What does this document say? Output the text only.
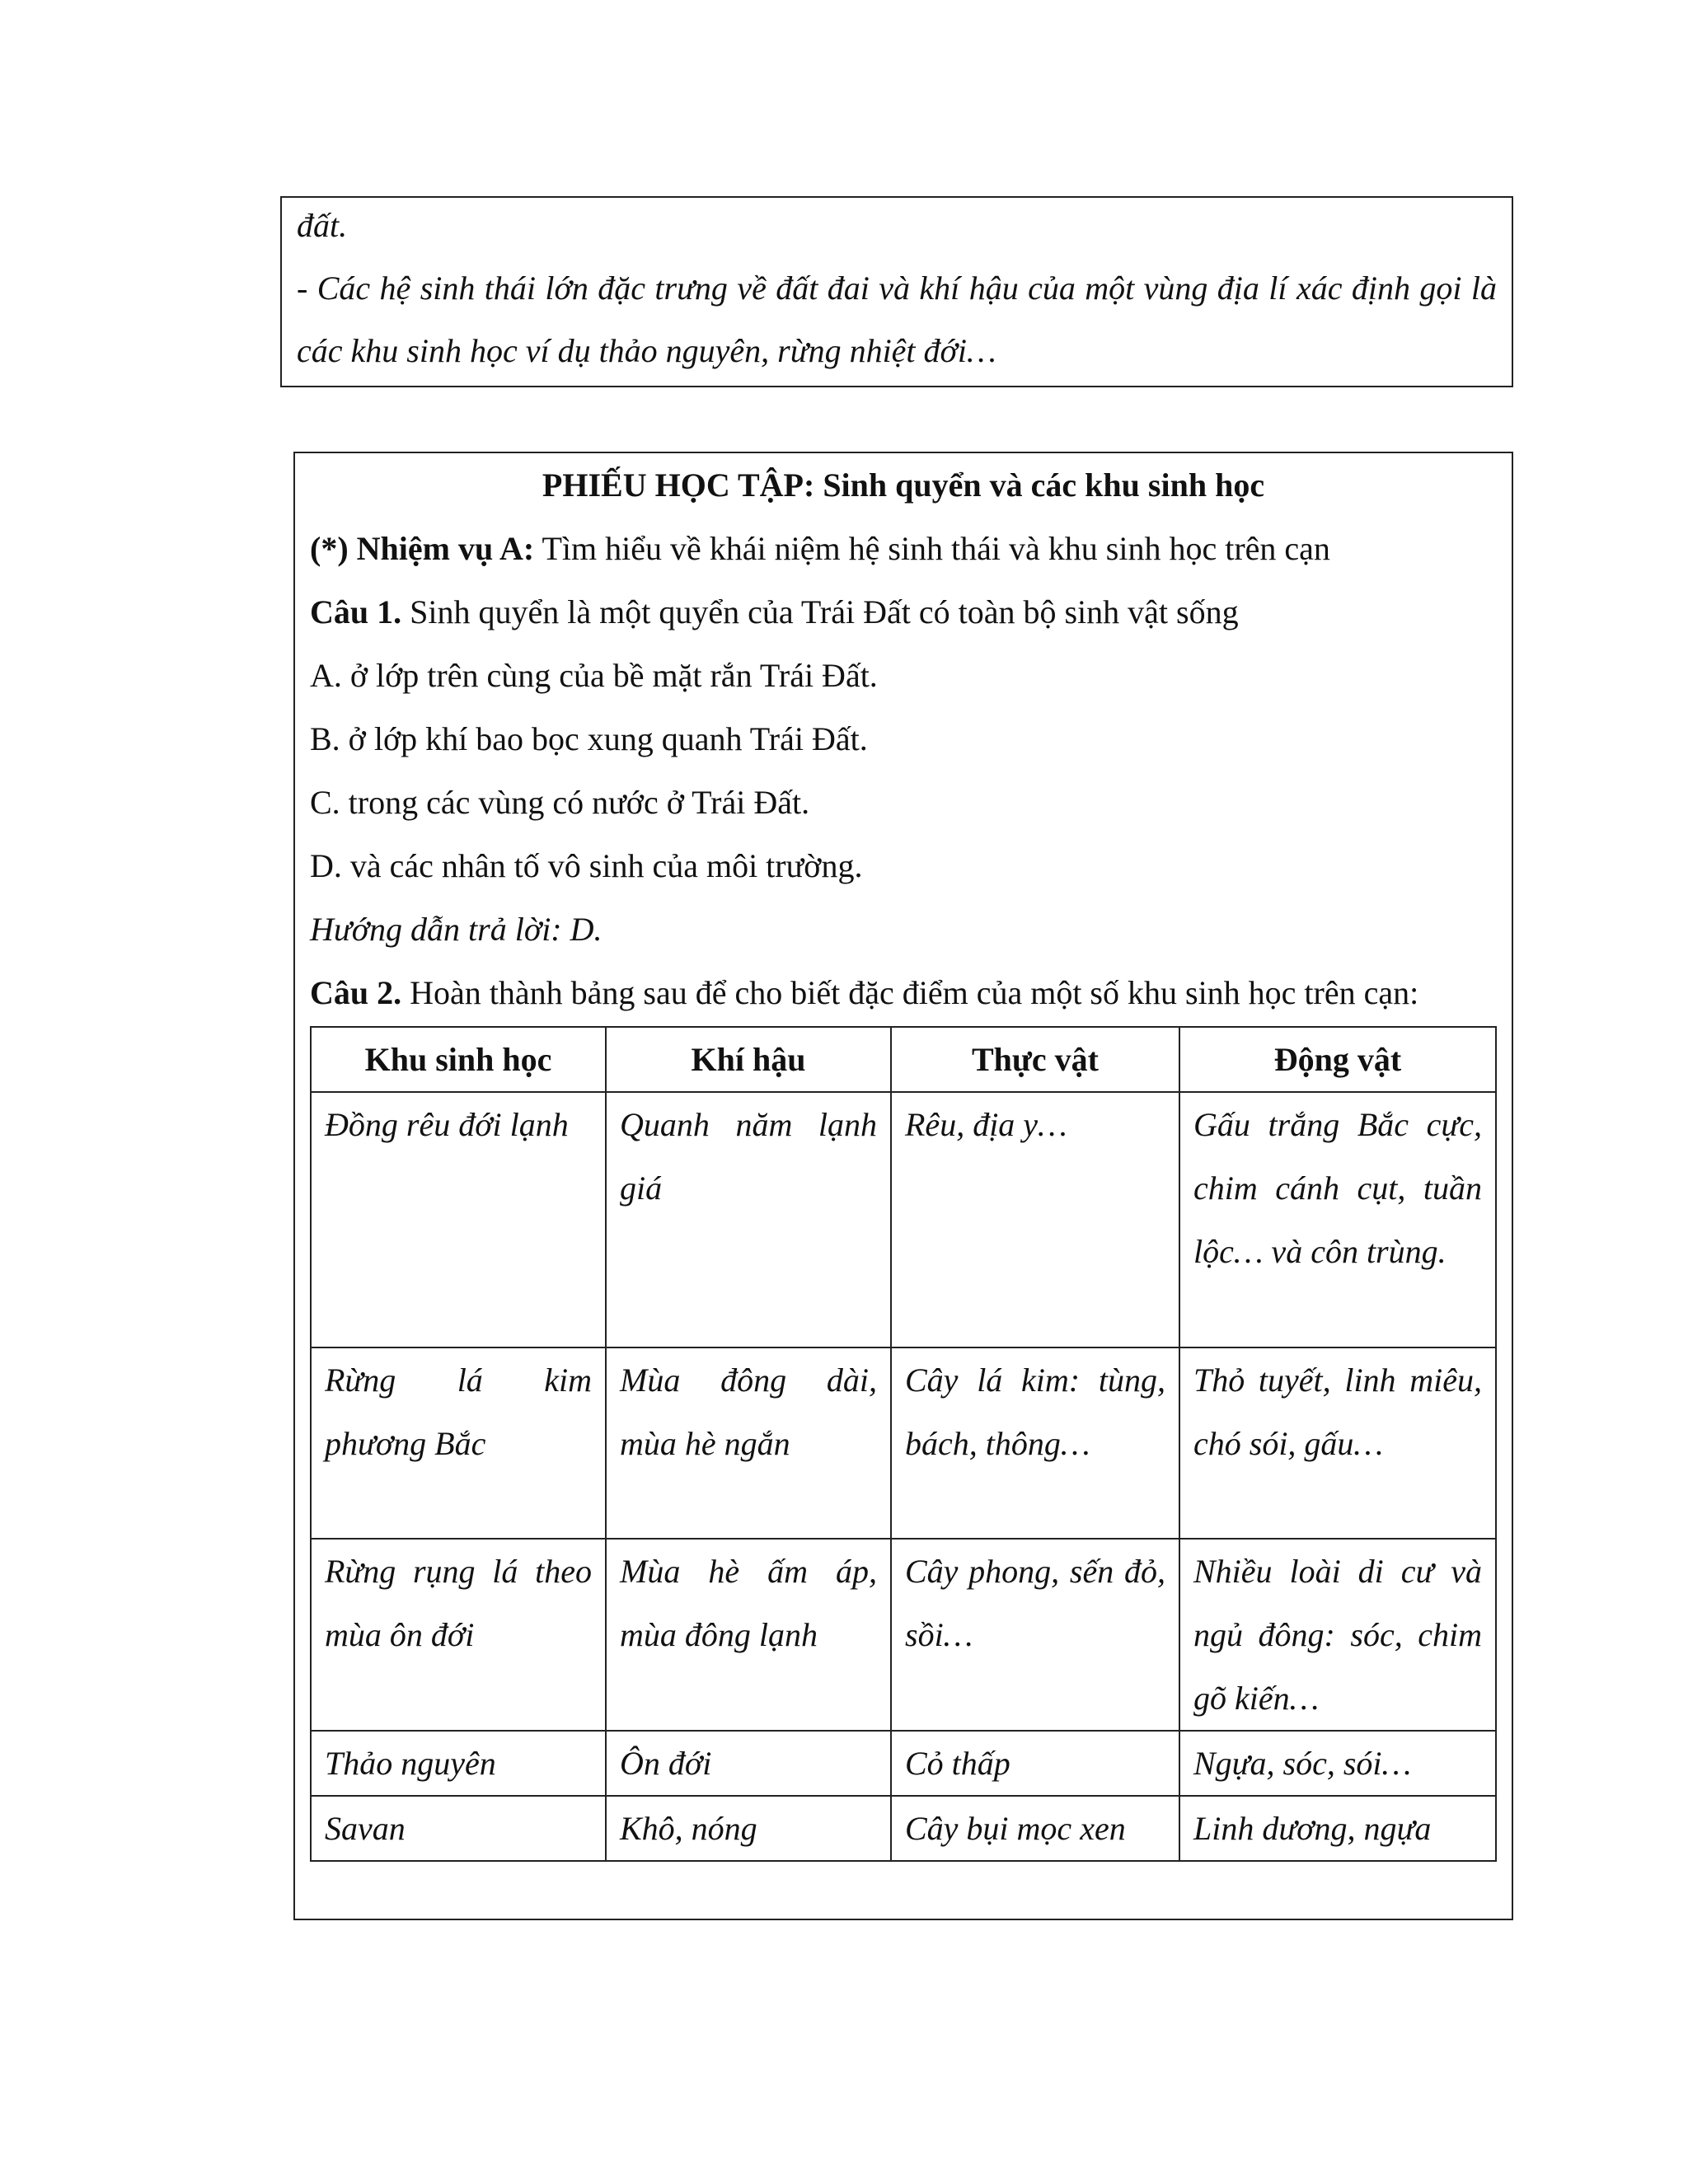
đất.
- Các hệ sinh thái lớn đặc trưng về đất đai và khí hậu của một vùng địa lí xác định gọi là các khu sinh học ví dụ thảo nguyên, rừng nhiệt đới…
PHIẾU HỌC TẬP: Sinh quyển và các khu sinh học
(*) Nhiệm vụ A: Tìm hiểu về khái niệm hệ sinh thái và khu sinh học trên cạn
Câu 1. Sinh quyển là một quyển của Trái Đất có toàn bộ sinh vật sống
A. ở lớp trên cùng của bề mặt rắn Trái Đất.
B. ở lớp khí bao bọc xung quanh Trái Đất.
C. trong các vùng có nước ở Trái Đất.
D. và các nhân tố vô sinh của môi trường.
Hướng dẫn trả lời: D.
Câu 2. Hoàn thành bảng sau để cho biết đặc điểm của một số khu sinh học trên cạn:
Khu sinh học	Khí hậu	Thực vật	Động vật
Đồng rêu đới lạnh	Quanh năm lạnh giá	Rêu, địa y…	Gấu trắng Bắc cực, chim cánh cụt, tuần lộc… và côn trùng.
Rừng lá kim phương Bắc	Mùa đông dài, mùa hè ngắn	Cây lá kim: tùng, bách, thông…	Thỏ tuyết, linh miêu, chó sói, gấu…
Rừng rụng lá theo mùa ôn đới	Mùa hè ấm áp, mùa đông lạnh	Cây phong, sến đỏ, sồi…	Nhiều loài di cư và ngủ đông: sóc, chim gõ kiến…
Thảo nguyên	Ôn đới	Cỏ thấp	Ngựa, sóc, sói…
Savan	Khô, nóng	Cây bụi mọc xen	Linh dương, ngựa
